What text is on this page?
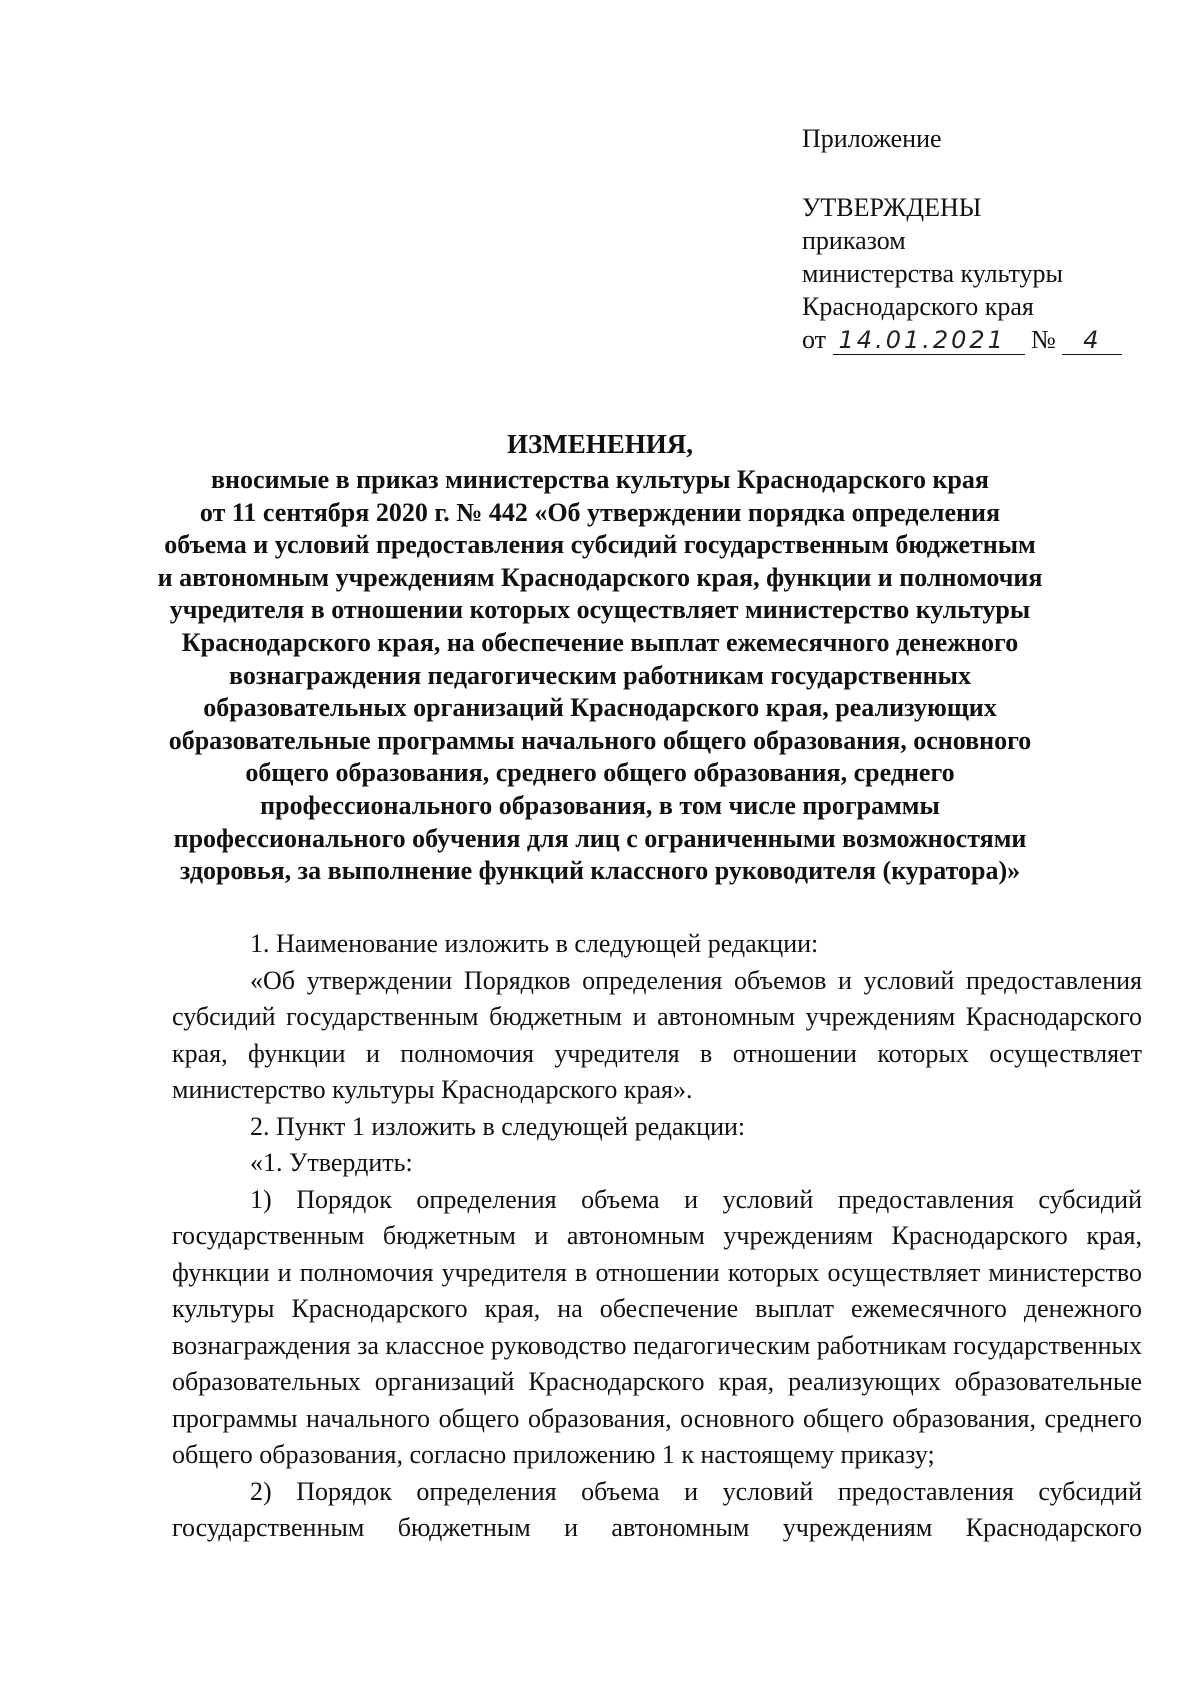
Приложение
УТВЕРЖДЕНЫ
приказом
министерства культуры
Краснодарского края
от 14.01.2021 № 4
ИЗМЕНЕНИЯ,
вносимые в приказ министерства культуры Краснодарского края
от 11 сентября 2020 г. № 442 «Об утверждении порядка определения
объема и условий предоставления субсидий государственным бюджетным
и автономным учреждениям Краснодарского края, функции и полномочия
учредителя в отношении которых осуществляет министерство культуры
Краснодарского края, на обеспечение выплат ежемесячного денежного
вознаграждения педагогическим работникам государственных
образовательных организаций Краснодарского края, реализующих
образовательные программы начального общего образования, основного
общего образования, среднего общего образования, среднего
профессионального образования, в том числе программы
профессионального обучения для лиц с ограниченными возможностями
здоровья, за выполнение функций классного руководителя (куратора)»

1. Наименование изложить в следующей редакции:

«Об утверждении Порядков определения объемов и условий предоставления субсидий государственным бюджетным и автономным учреждениям Краснодарского края, функции и полномочия учредителя в отношении которых осуществляет министерство культуры Краснодарского края».

2. Пункт 1 изложить в следующей редакции:

«1. Утвердить:

1) Порядок определения объема и условий предоставления субсидий государственным бюджетным и автономным учреждениям Краснодарского края, функции и полномочия учредителя в отношении которых осуществляет министерство культуры Краснодарского края, на обеспечение выплат ежемесячного денежного вознаграждения за классное руководство педагогическим работникам государственных образовательных организаций Краснодарского края, реализующих образовательные программы начального общего образования, основного общего образования, среднего общего образования, согласно приложению 1 к настоящему приказу;

2) Порядок определения объема и условий предоставления субсидий государственным бюджетным и автономным учреждениям Краснодарского
